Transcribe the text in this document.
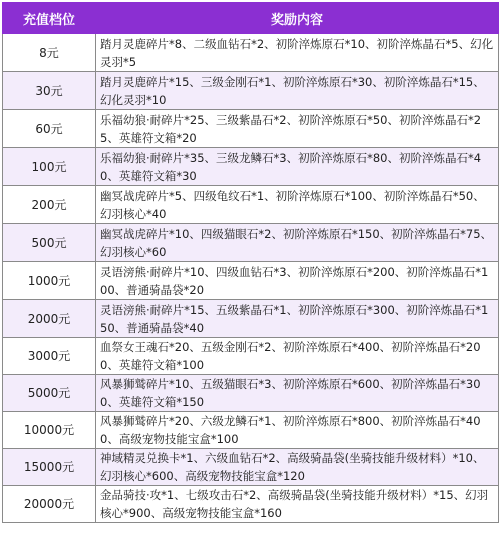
充值档位	奖励内容
8元	踏月灵鹿碎片*8、二级血钻石*2、初阶淬炼原石*10、初阶淬炼晶石*5、幻化灵羽*5
30元	踏月灵鹿碎片*15、三级金刚石*1、初阶淬炼原石*30、初阶淬炼晶石*15、幻化灵羽*10
60元	乐福幼狼·耐碎片*25、三级紫晶石*2、初阶淬炼原石*50、初阶淬炼晶石*25、英雄符文箱*20
100元	乐福幼狼·耐碎片*35、三级龙鳞石*3、初阶淬炼原石*80、初阶淬炼晶石*40、英雄符文箱*30
200元	幽冥战虎碎片*5、四级龟纹石*1、初阶淬炼原石*100、初阶淬炼晶石*50、幻羽核心*40
500元	幽冥战虎碎片*10、四级猫眼石*2、初阶淬炼原石*150、初阶淬炼晶石*75、幻羽核心*60
1000元	灵语滂熊·耐碎片*10、四级血钻石*3、初阶淬炼原石*200、初阶淬炼晶石*100、普通骑晶袋*20
2000元	灵语滂熊·耐碎片*15、五级紫晶石*1、初阶淬炼原石*300、初阶淬炼晶石*150、普通骑晶袋*40
3000元	血祭女王魂石*20、五级金刚石*2、初阶淬炼原石*400、初阶淬炼晶石*200、英雄符文箱*100
5000元	风暴狮鹫碎片*10、五级猫眼石*3、初阶淬炼原石*600、初阶淬炼晶石*300、英雄符文箱*150
10000元	风暴狮鹫碎片*20、六级龙鳞石*1、初阶淬炼原石*800、初阶淬炼晶石*400、高级宠物技能宝盒*100
15000元	神域精灵兑换卡*1、六级血钻石*2、高级骑晶袋(坐骑技能升级材料）*10、幻羽核心*600、高级宠物技能宝盒*120
20000元	金品骑技·攻*1、七级攻击石*2、高级骑晶袋(坐骑技能升级材料）*15、幻羽核心*900、高级宠物技能宝盒*160
